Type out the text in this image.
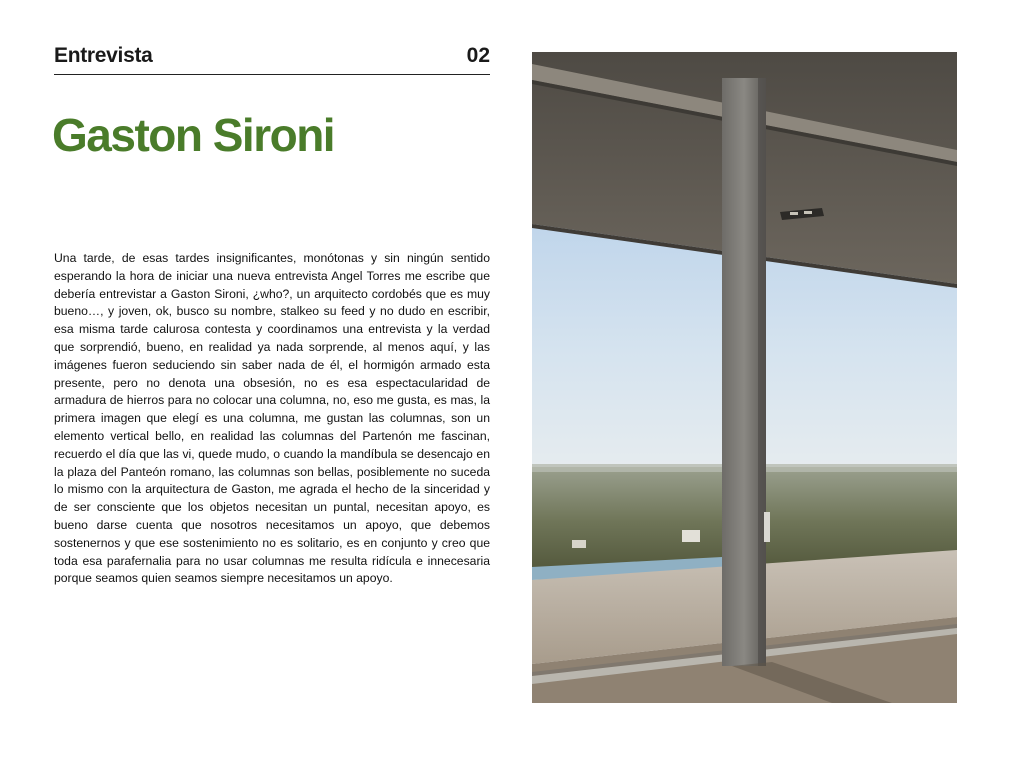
Entrevista	02
Gaston Sironi
Una tarde, de esas tardes insignificantes, monótonas y sin ningún sentido esperando la hora de iniciar una nueva entrevista Angel Torres me escribe que debería entrevistar a Gaston Sironi, ¿who?, un arquitecto cordobés que es muy bueno…, y joven, ok, busco su nombre, stalkeo su feed y no dudo en escribir, esa misma tarde calurosa contesta y coordinamos una entrevista y la verdad que sorprendió, bueno, en realidad ya nada sorprende, al menos aquí, y las imágenes fueron seduciendo sin saber nada de él, el hormigón armado esta presente, pero no denota una obsesión, no es esa espectacularidad de armadura de hierros para no colocar una columna, no, eso me gusta, es mas, la primera imagen que elegí es una columna, me gustan las columnas, son un elemento vertical bello, en realidad las columnas del Partenón me fascinan, recuerdo el día que las vi, quede mudo, o cuando la mandíbula se desencajo en la plaza del Panteón romano, las columnas son bellas, posiblemente no suceda lo mismo con la arquitectura de Gaston, me agrada el hecho de la sinceridad y de ser consciente que los objetos necesitan un puntal, necesitan apoyo, es bueno darse cuenta que nosotros necesitamos un apoyo, que debemos sostenernos y que ese sostenimiento no es solitario, es en conjunto y creo que toda esa parafernalia para no usar columnas me resulta ridícula e innecesaria porque seamos quien seamos siempre necesitamos un apoyo.
